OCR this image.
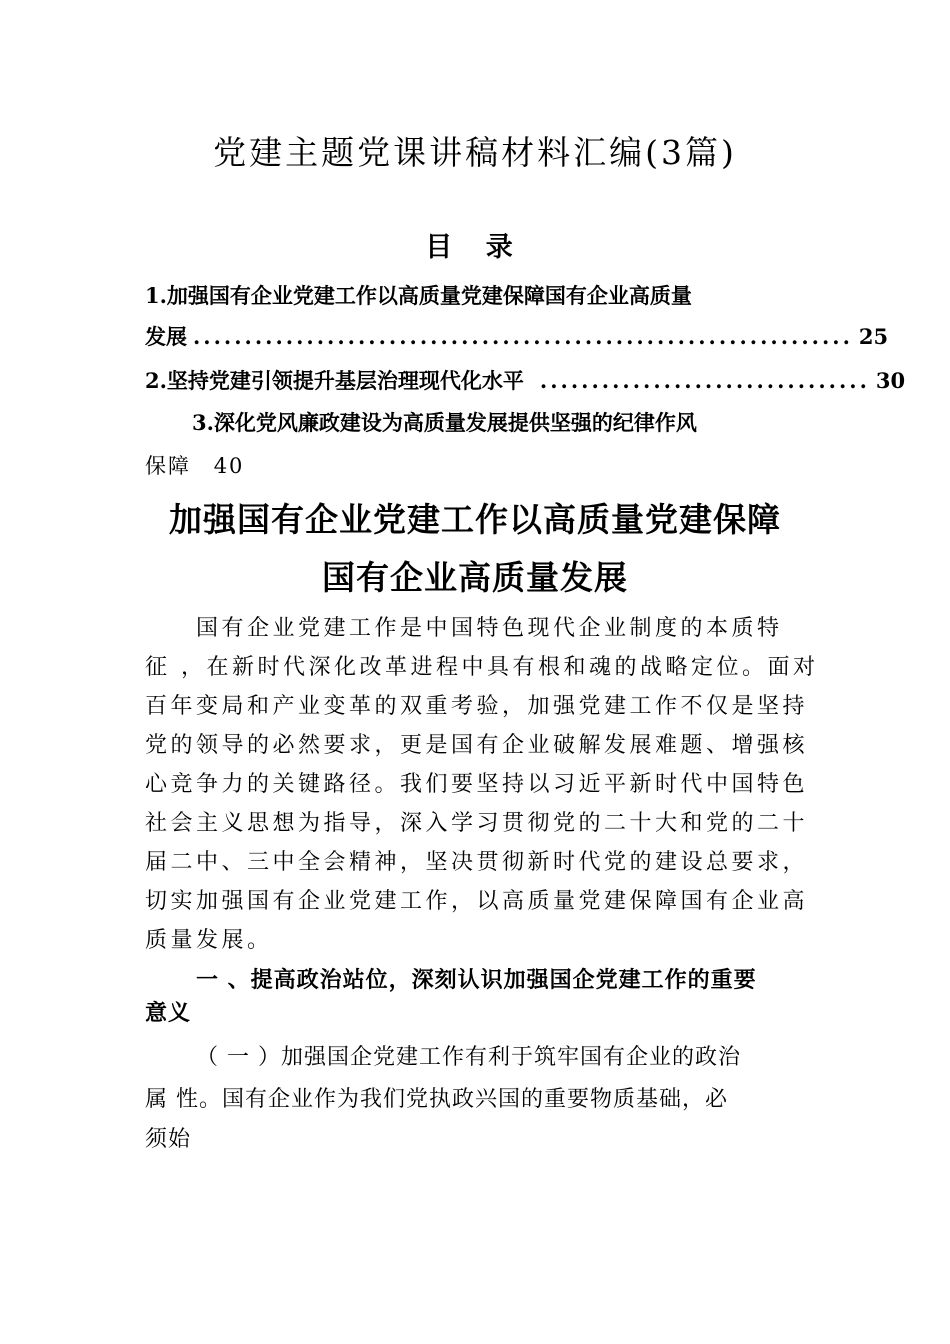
党建主题党课讲稿材料汇编(3篇)
目 录
1.加强国有企业党建工作以高质量党建保障国有企业高质量
发展 ................................................................ 25
2.坚持党建引领提升基层治理现代化水平 ................................ 30
3.深化党风廉政建设为高质量发展提供坚强的纪律作风
保障 40
加强国有企业党建工作以高质量党建保障
国有企业高质量发展
国有企业党建工作是中国特色现代企业制度的本质特
征 ，在新时代深化改革进程中具有根和魂的战略定位。面对
百年变局和产业变革的双重考验，加强党建工作不仅是坚持
党的领导的必然要求，更是国有企业破解发展难题、增强核
心竞争力的关键路径。我们要坚持以习近平新时代中国特色
社会主义思想为指导，深入学习贯彻党的二十大和党的二十
届二中、三中全会精神，坚决贯彻新时代党的建设总要求，
切实加强国有企业党建工作，以高质量党建保障国有企业高
质量发展。
一 、提高政治站位，深刻认识加强国企党建工作的重要
意义
（ 一 ）加强国企党建工作有利于筑牢国有企业的政治
属 性。国有企业作为我们党执政兴国的重要物质基础，必
须始
